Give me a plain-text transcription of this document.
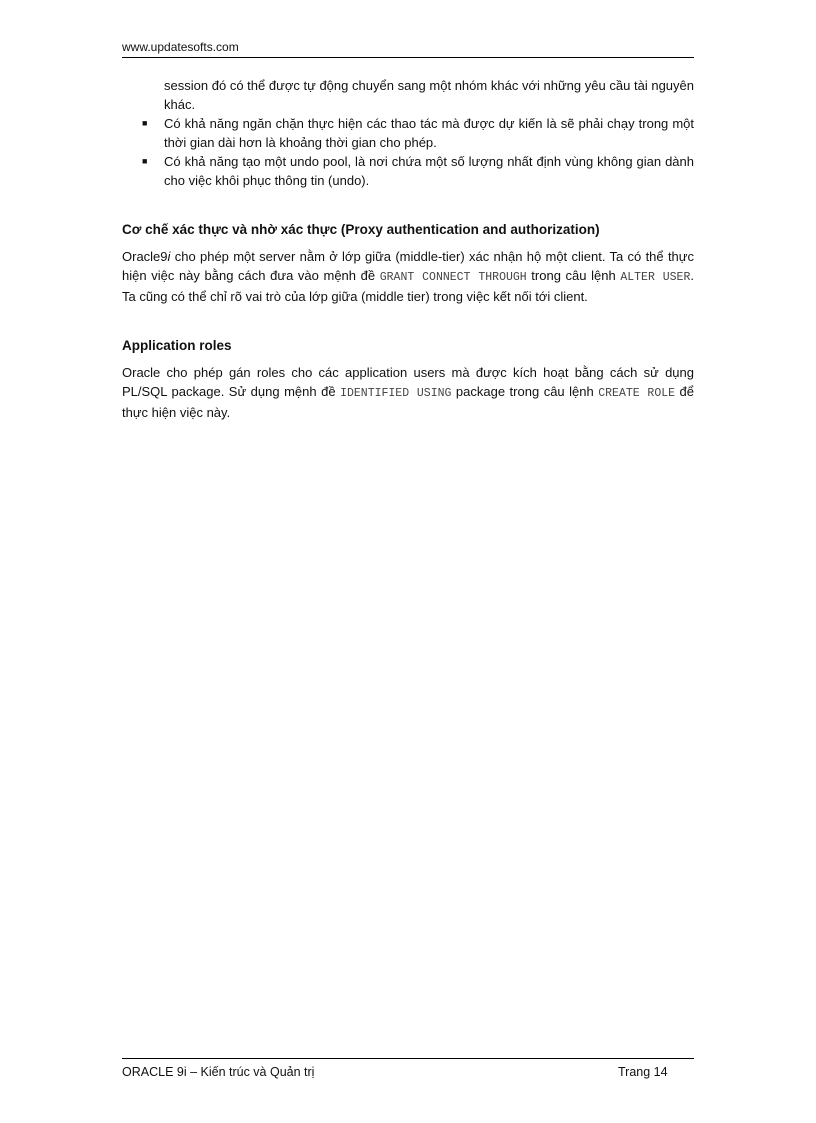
www.updatesofts.com

session đó có thể được tự động chuyển sang một nhóm khác với những yêu cầu tài nguyên khác.

■ Có khả năng ngăn chặn thực hiện các thao tác mà được dự kiến là sẽ phải chạy trong một thời gian dài hơn là khoảng thời gian cho phép.
■ Có khả năng tạo một undo pool, là nơi chứa một số lượng nhất định vùng không gian dành cho việc khôi phục thông tin (undo).
Cơ chế xác thực và nhờ xác thực (Proxy authentication and authorization)

Oracle9i cho phép một server nằm ở lớp giữa (middle-tier) xác nhận hộ một client. Ta có thể thực hiện việc này bằng cách đưa vào mệnh đề GRANT CONNECT THROUGH trong câu lệnh ALTER USER. Ta cũng có thể chỉ rõ vai trò của lớp giữa (middle tier) trong việc kết nối tới client.

Application roles

Oracle cho phép gán roles cho các application users mà được kích hoạt bằng cách sử dụng PL/SQL package. Sử dụng mệnh đề IDENTIFIED USING package trong câu lệnh CREATE ROLE để thực hiện việc này.

ORACLE 9i – Kiến trúc và Quản trị	Trang 14
